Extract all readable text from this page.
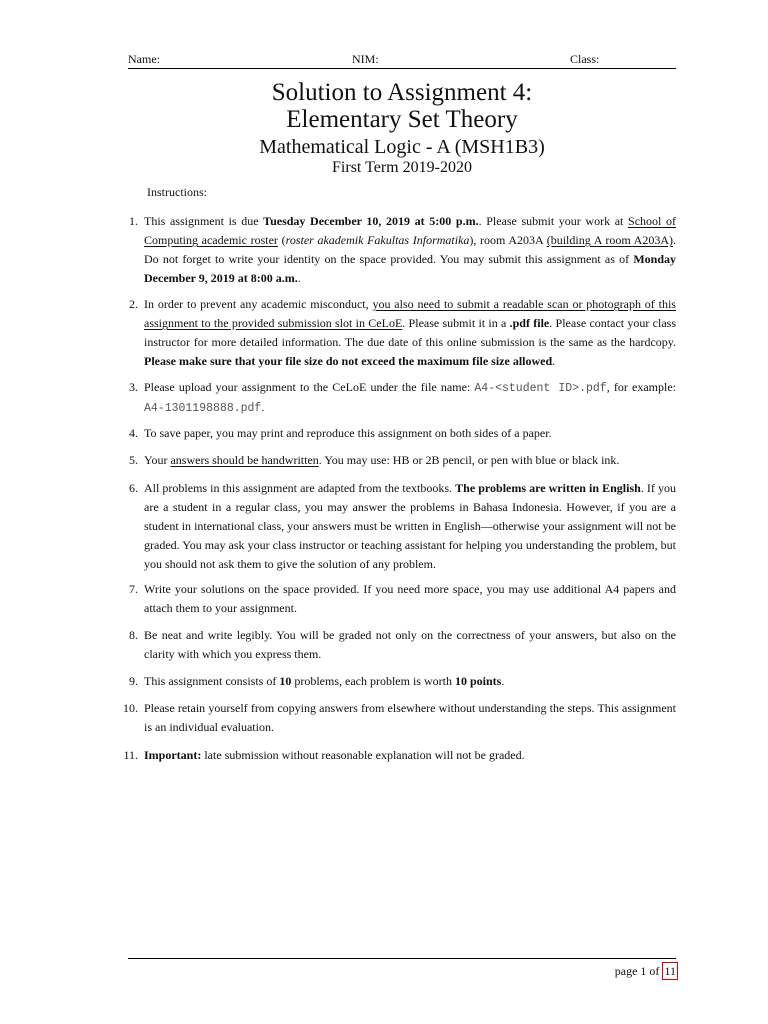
Name:	NIM:	Class:
Solution to Assignment 4:
Elementary Set Theory
Mathematical Logic - A (MSH1B3)
First Term 2019-2020
Instructions:

1. This assignment is due Tuesday December 10, 2019 at 5:00 p.m.. Please submit your work at School of Computing academic roster (roster akademik Fakultas Informatika), room A203A (building A room A203A). Do not forget to write your identity on the space provided. You may submit this assignment as of Monday December 9, 2019 at 8:00 a.m..

2. In order to prevent any academic misconduct, you also need to submit a readable scan or photograph of this assignment to the provided submission slot in CeLoE. Please submit it in a .pdf file. Please contact your class instructor for more detailed information. The due date of this online submission is the same as the hardcopy. Please make sure that your file size do not exceed the maximum file size allowed.

3. Please upload your assignment to the CeLoE under the file name: A4-<student ID>.pdf, for example: A4-1301198888.pdf.

4. To save paper, you may print and reproduce this assignment on both sides of a paper.

5. Your answers should be handwritten. You may use: HB or 2B pencil, or pen with blue or black ink.

6. All problems in this assignment are adapted from the textbooks. The problems are written in English. If you are a student in a regular class, you may answer the problems in Bahasa Indonesia. However, if you are a student in international class, your answers must be written in English—otherwise your assignment will not be graded. You may ask your class instructor or teaching assistant for helping you understanding the problem, but you should not ask them to give the solution of any problem.

7. Write your solutions on the space provided. If you need more space, you may use additional A4 papers and attach them to your assignment.

8. Be neat and write legibly. You will be graded not only on the correctness of your answers, but also on the clarity with which you express them.

9. This assignment consists of 10 problems, each problem is worth 10 points.

10. Please retain yourself from copying answers from elsewhere without understanding the steps. This assignment is an individual evaluation.

11. Important: late submission without reasonable explanation will not be graded.

page 1 of 11
